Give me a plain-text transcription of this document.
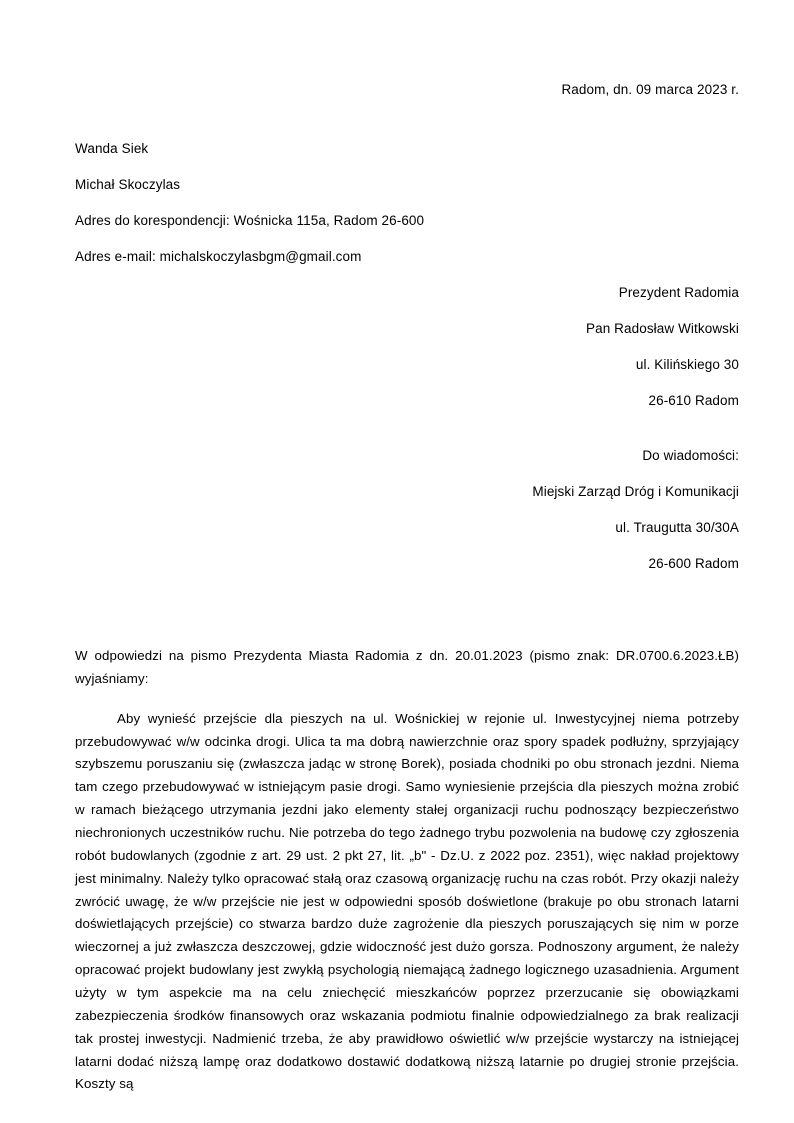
Radom, dn. 09 marca 2023 r.

Wanda Siek

Michał Skoczylas

Adres do korespondencji: Wośnicka 115a, Radom 26-600

Adres e-mail: michalskoczylasbgm@gmail.com

Prezydent Radomia

Pan Radosław Witkowski

ul. Kilińskiego 30

26-610 Radom

Do wiadomości:

Miejski Zarząd Dróg i Komunikacji

ul. Traugutta 30/30A

26-600 Radom

W odpowiedzi na pismo Prezydenta Miasta Radomia z dn. 20.01.2023 (pismo znak: DR.0700.6.2023.ŁB) wyjaśniamy:

Aby wynieść przejście dla pieszych na ul. Wośnickiej w rejonie ul. Inwestycyjnej niema potrzeby przebudowywać w/w odcinka drogi. Ulica ta ma dobrą nawierzchnie oraz spory spadek podłużny, sprzyjający szybszemu poruszaniu się (zwłaszcza jadąc w stronę Borek), posiada chodniki po obu stronach jezdni. Niema tam czego przebudowywać w istniejącym pasie drogi. Samo wyniesienie przejścia dla pieszych można zrobić w ramach bieżącego utrzymania jezdni jako elementy stałej organizacji ruchu podnoszący bezpieczeństwo niechronionych uczestników ruchu. Nie potrzeba do tego żadnego trybu pozwolenia na budowę czy zgłoszenia robót budowlanych (zgodnie z art. 29 ust. 2 pkt 27, lit. „b" - Dz.U. z 2022 poz. 2351), więc nakład projektowy jest minimalny. Należy tylko opracować stałą oraz czasową organizację ruchu na czas robót. Przy okazji należy zwrócić uwagę, że w/w przejście nie jest w odpowiedni sposób doświetlone (brakuje po obu stronach latarni doświetlających przejście) co stwarza bardzo duże zagrożenie dla pieszych poruszających się nim w porze wieczornej a już zwłaszcza deszczowej, gdzie widoczność jest dużo gorsza. Podnoszony argument, że należy opracować projekt budowlany jest zwykłą psychologią niemającą żadnego logicznego uzasadnienia. Argument użyty w tym aspekcie ma na celu zniechęcić mieszkańców poprzez przerzucanie się obowiązkami zabezpieczenia środków finansowych oraz wskazania podmiotu finalnie odpowiedzialnego za brak realizacji tak prostej inwestycji. Nadmienić trzeba, że aby prawidłowo oświetlić w/w przejście wystarczy na istniejącej latarni dodać niższą lampę oraz dodatkowo dostawić dodatkową niższą latarnie po drugiej stronie przejścia. Koszty są
